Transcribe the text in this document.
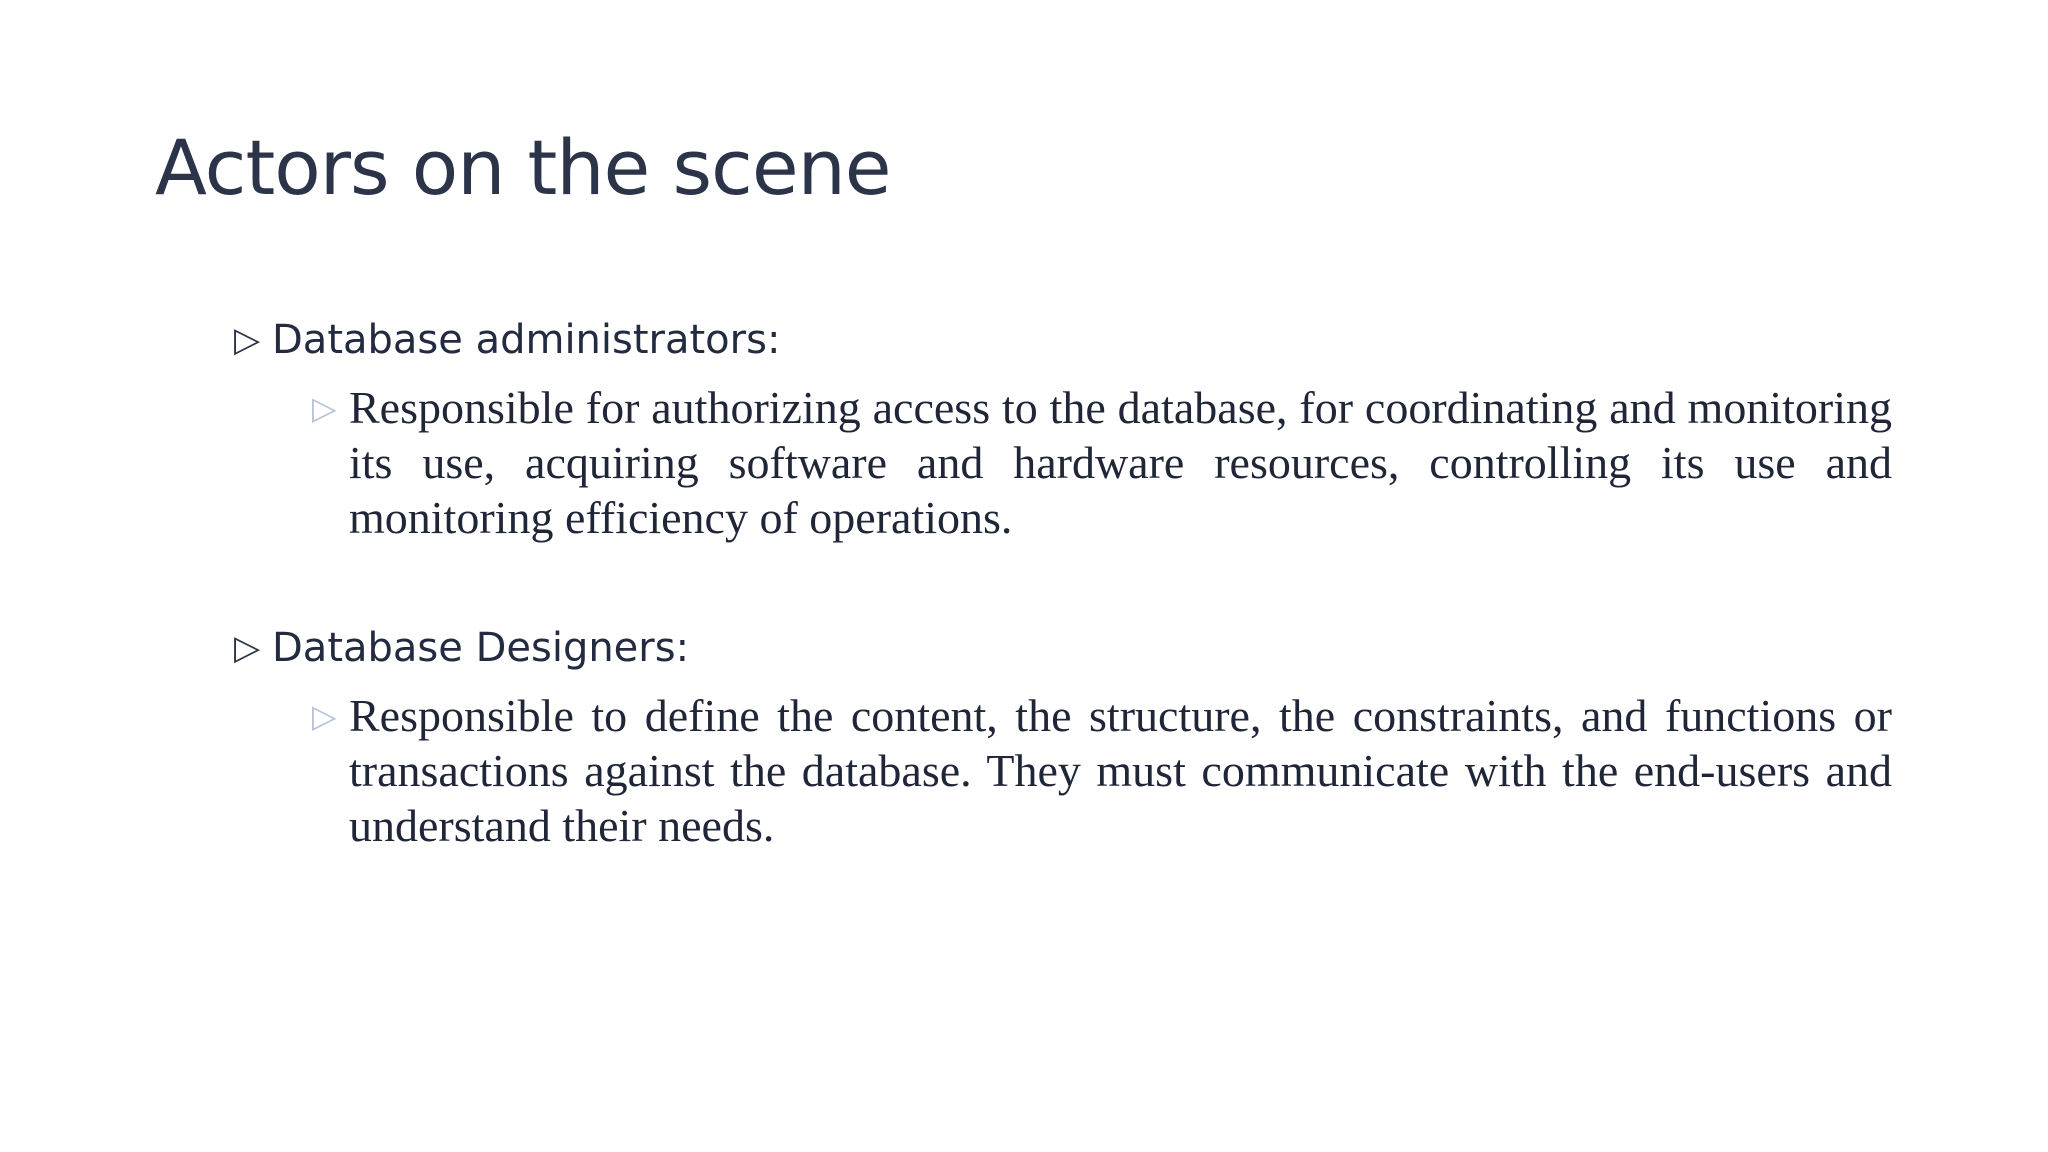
Actors on the scene
▷ Database administrators:
▷ Responsible for authorizing access to the database, for coordinating and monitoring its use, acquiring software and hardware resources, controlling its use and monitoring efficiency of operations.

▷ Database Designers:
▷ Responsible to define the content, the structure, the constraints, and functions or transactions against the database. They must communicate with the end-users and understand their needs.
